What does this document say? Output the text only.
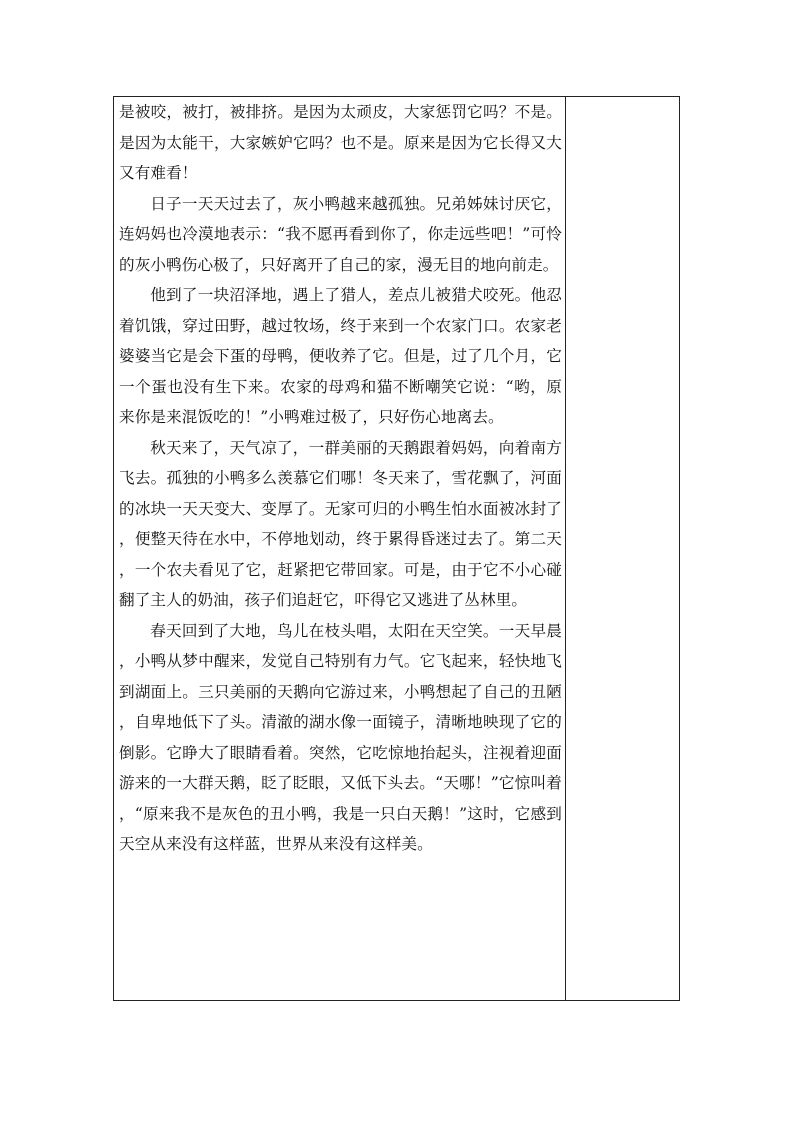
是被咬，被打，被排挤。是因为太顽皮，大家惩罚它吗？不是。是因为太能干，大家嫉妒它吗？也不是。原来是因为它长得又大又有难看！

日子一天天过去了，灰小鸭越来越孤独。兄弟姊妹讨厌它，连妈妈也冷漠地表示：“我不愿再看到你了，你走远些吧！”可怜的灰小鸭伤心极了，只好离开了自己的家，漫无目的地向前走。

他到了一块沼泽地，遇上了猎人，差点儿被猎犬咬死。他忍着饥饿，穿过田野，越过牧场，终于来到一个农家门口。农家老婆婆当它是会下蛋的母鸭，便收养了它。但是，过了几个月，它一个蛋也没有生下来。农家的母鸡和猫不断嘲笑它说：“哟，原来你是来混饭吃的！”小鸭难过极了，只好伤心地离去。

秋天来了，天气凉了，一群美丽的天鹅跟着妈妈，向着南方飞去。孤独的小鸭多么羡慕它们哪！冬天来了，雪花飘了，河面的冰块一天天变大、变厚了。无家可归的小鸭生怕水面被冰封了，便整天待在水中，不停地划动，终于累得昏迷过去了。第二天，一个农夫看见了它，赶紧把它带回家。可是，由于它不小心碰翻了主人的奶油，孩子们追赶它，吓得它又逃进了丛林里。

春天回到了大地，鸟儿在枝头唱，太阳在天空笑。一天早晨，小鸭从梦中醒来，发觉自己特别有力气。它飞起来，轻快地飞到湖面上。三只美丽的天鹅向它游过来，小鸭想起了自己的丑陋，自卑地低下了头。清澈的湖水像一面镜子，清晰地映现了它的倒影。它睁大了眼睛看着。突然，它吃惊地抬起头，注视着迎面游来的一大群天鹅，眨了眨眼，又低下头去。“天哪！”它惊叫着，“原来我不是灰色的丑小鸭，我是一只白天鹅！”这时，它感到天空从来没有这样蓝，世界从来没有这样美。
